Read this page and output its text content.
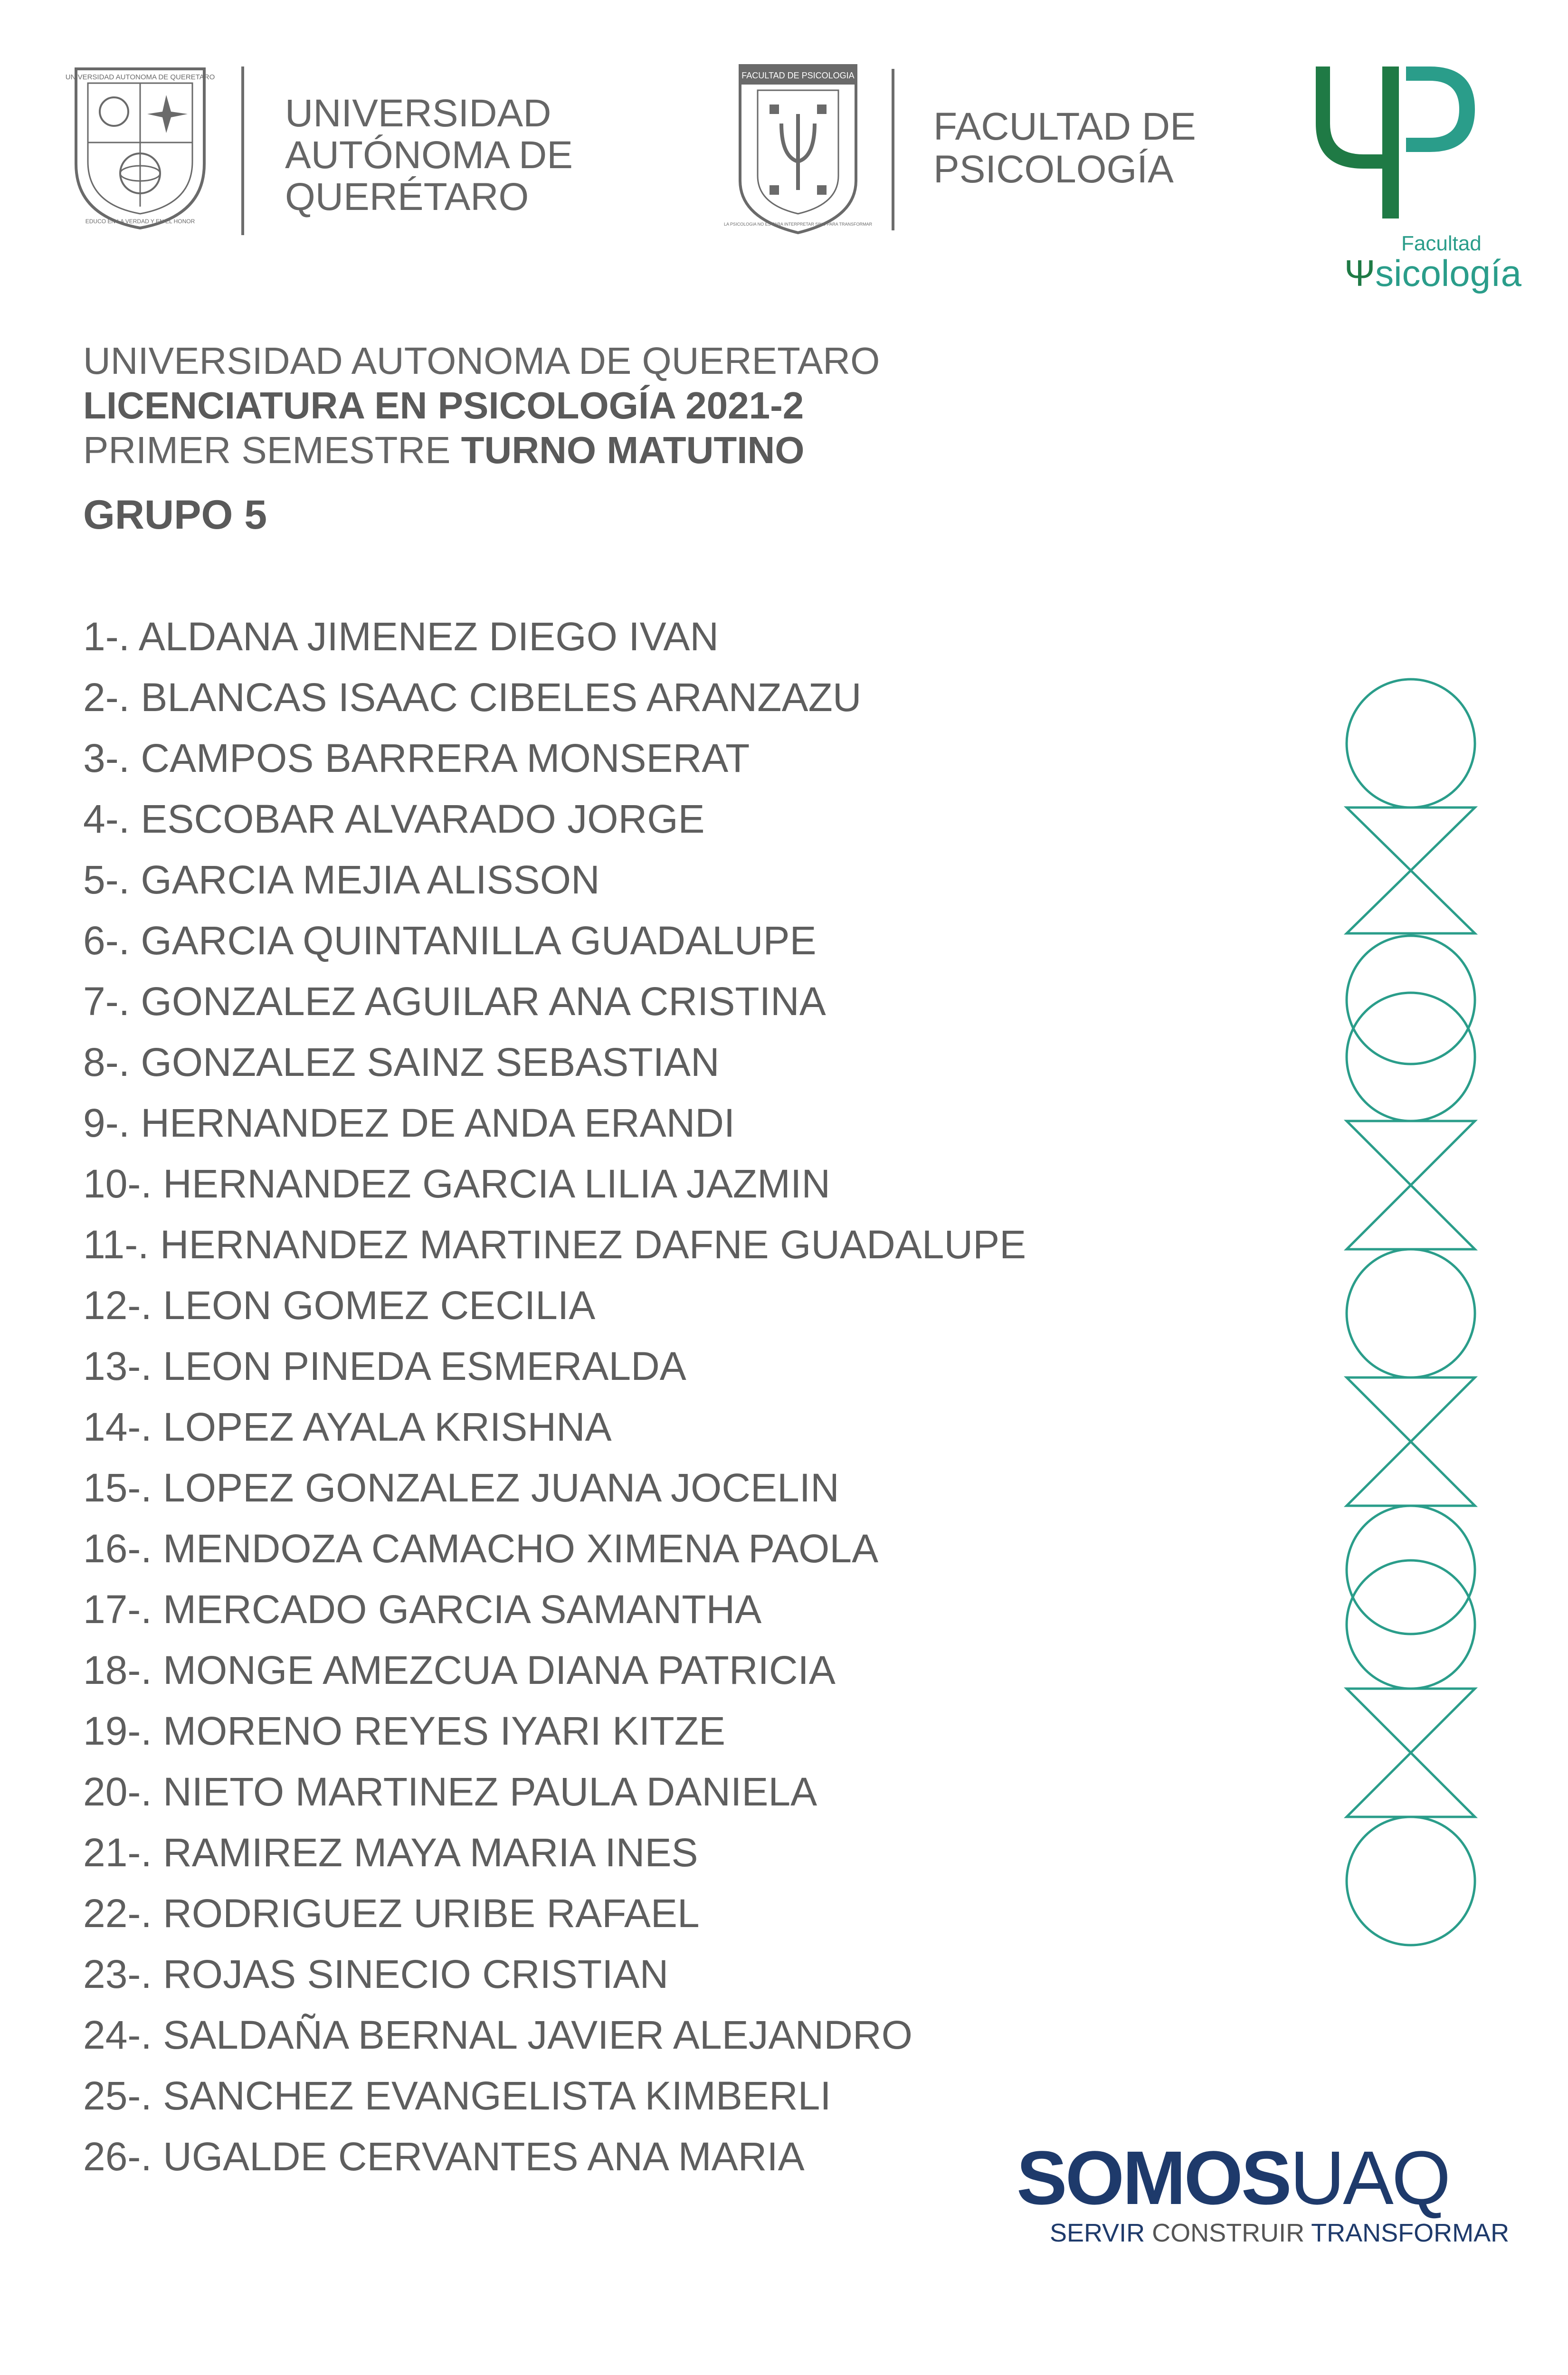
UNIVERSIDAD AUTONOMA DE QUERETARO
EDUCO EN LA VERDAD Y EN EL HONOR
UNIVERSIDAD
AUTÓNOMA DE
QUERÉTARO
FACULTAD DE PSICOLOGIA
LA PSICOLOGIA NO ES PARA INTERPRETAR SINO PARA TRANSFORMAR
FACULTAD DE
PSICOLOGÍA
Facultad
Ψsicología
UNIVERSIDAD AUTONOMA DE QUERETARO
LICENCIATURA EN PSICOLOGÍA 2021-2
PRIMER SEMESTRE TURNO MATUTINO
GRUPO 5
1-. ALDANA JIMENEZ DIEGO IVAN
2-. BLANCAS ISAAC CIBELES ARANZAZU
3-. CAMPOS BARRERA MONSERAT
4-. ESCOBAR ALVARADO JORGE
5-. GARCIA MEJIA ALISSON
6-. GARCIA QUINTANILLA GUADALUPE
7-. GONZALEZ AGUILAR ANA CRISTINA
8-. GONZALEZ SAINZ SEBASTIAN
9-. HERNANDEZ DE ANDA ERANDI
10-. HERNANDEZ GARCIA LILIA JAZMIN
11-. HERNANDEZ MARTINEZ DAFNE GUADALUPE
12-. LEON GOMEZ CECILIA
13-. LEON PINEDA ESMERALDA
14-. LOPEZ AYALA KRISHNA
15-. LOPEZ GONZALEZ JUANA JOCELIN
16-. MENDOZA CAMACHO XIMENA PAOLA
17-. MERCADO GARCIA SAMANTHA
18-. MONGE AMEZCUA DIANA PATRICIA
19-. MORENO REYES IYARI KITZE
20-. NIETO MARTINEZ PAULA DANIELA
21-. RAMIREZ MAYA MARIA INES
22-. RODRIGUEZ URIBE RAFAEL
23-. ROJAS SINECIO CRISTIAN
24-. SALDAÑA BERNAL JAVIER ALEJANDRO
25-. SANCHEZ EVANGELISTA KIMBERLI
26-. UGALDE CERVANTES ANA MARIA	SOMOSUAQ
SERVIR CONSTRUIR TRANSFORMAR
